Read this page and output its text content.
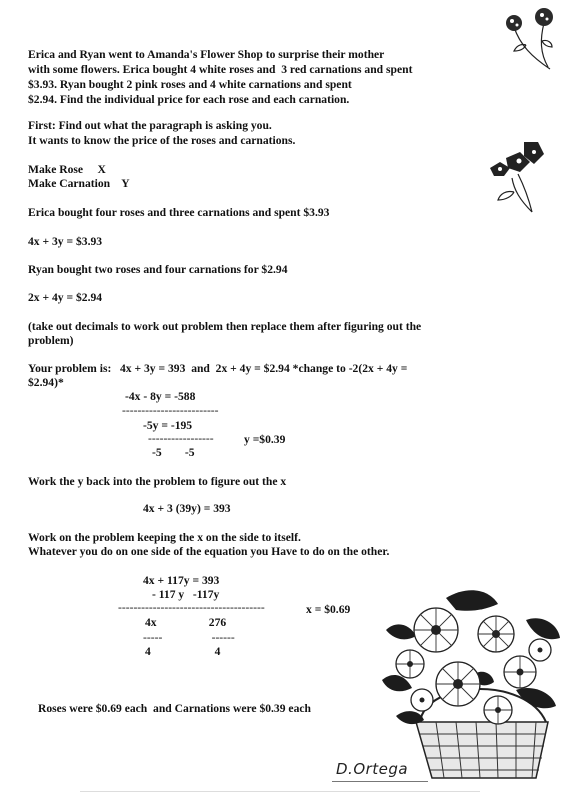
Erica and Ryan went to Amanda's Flower Shop to surprise their mother

with some flowers. Erica bought 4 white roses and  3 red carnations and spent

$3.93. Ryan bought 2 pink roses and 4 white carnations and spent

$2.94. Find the individual price for each rose and each carnation.

First: Find out what the paragraph is asking you.

It wants to know the price of the roses and carnations.

Make Rose     X

Make Carnation    Y

Erica bought four roses and three carnations and spent $3.93

4x + 3y = $3.93

Ryan bought two roses and four carnations for $2.94

2x + 4y = $2.94

(take out decimals to work out problem then replace them after figuring out the

problem)

Your problem is:   4x + 3y = 393  and  2x + 4y = $2.94 *change to -2(2x + 4y =

$2.94)*

-4x - 8y = -588

-------------------------

-5y = -195

-----------------	y =$0.39

-5        -5

Work the y back into the problem to figure out the x

4x + 3 (39y) = 393

Work on the problem keeping the x on the side to itself.

Whatever you do on one side of the equation you Have to do on the other.

4x + 117y = 393

- 117 y   -117y

--------------------------------------	x = $0.69

4x                  276

-----                 ------

4                      4

Roses were $0.69 each  and Carnations were $0.39 each

D.Ortega
